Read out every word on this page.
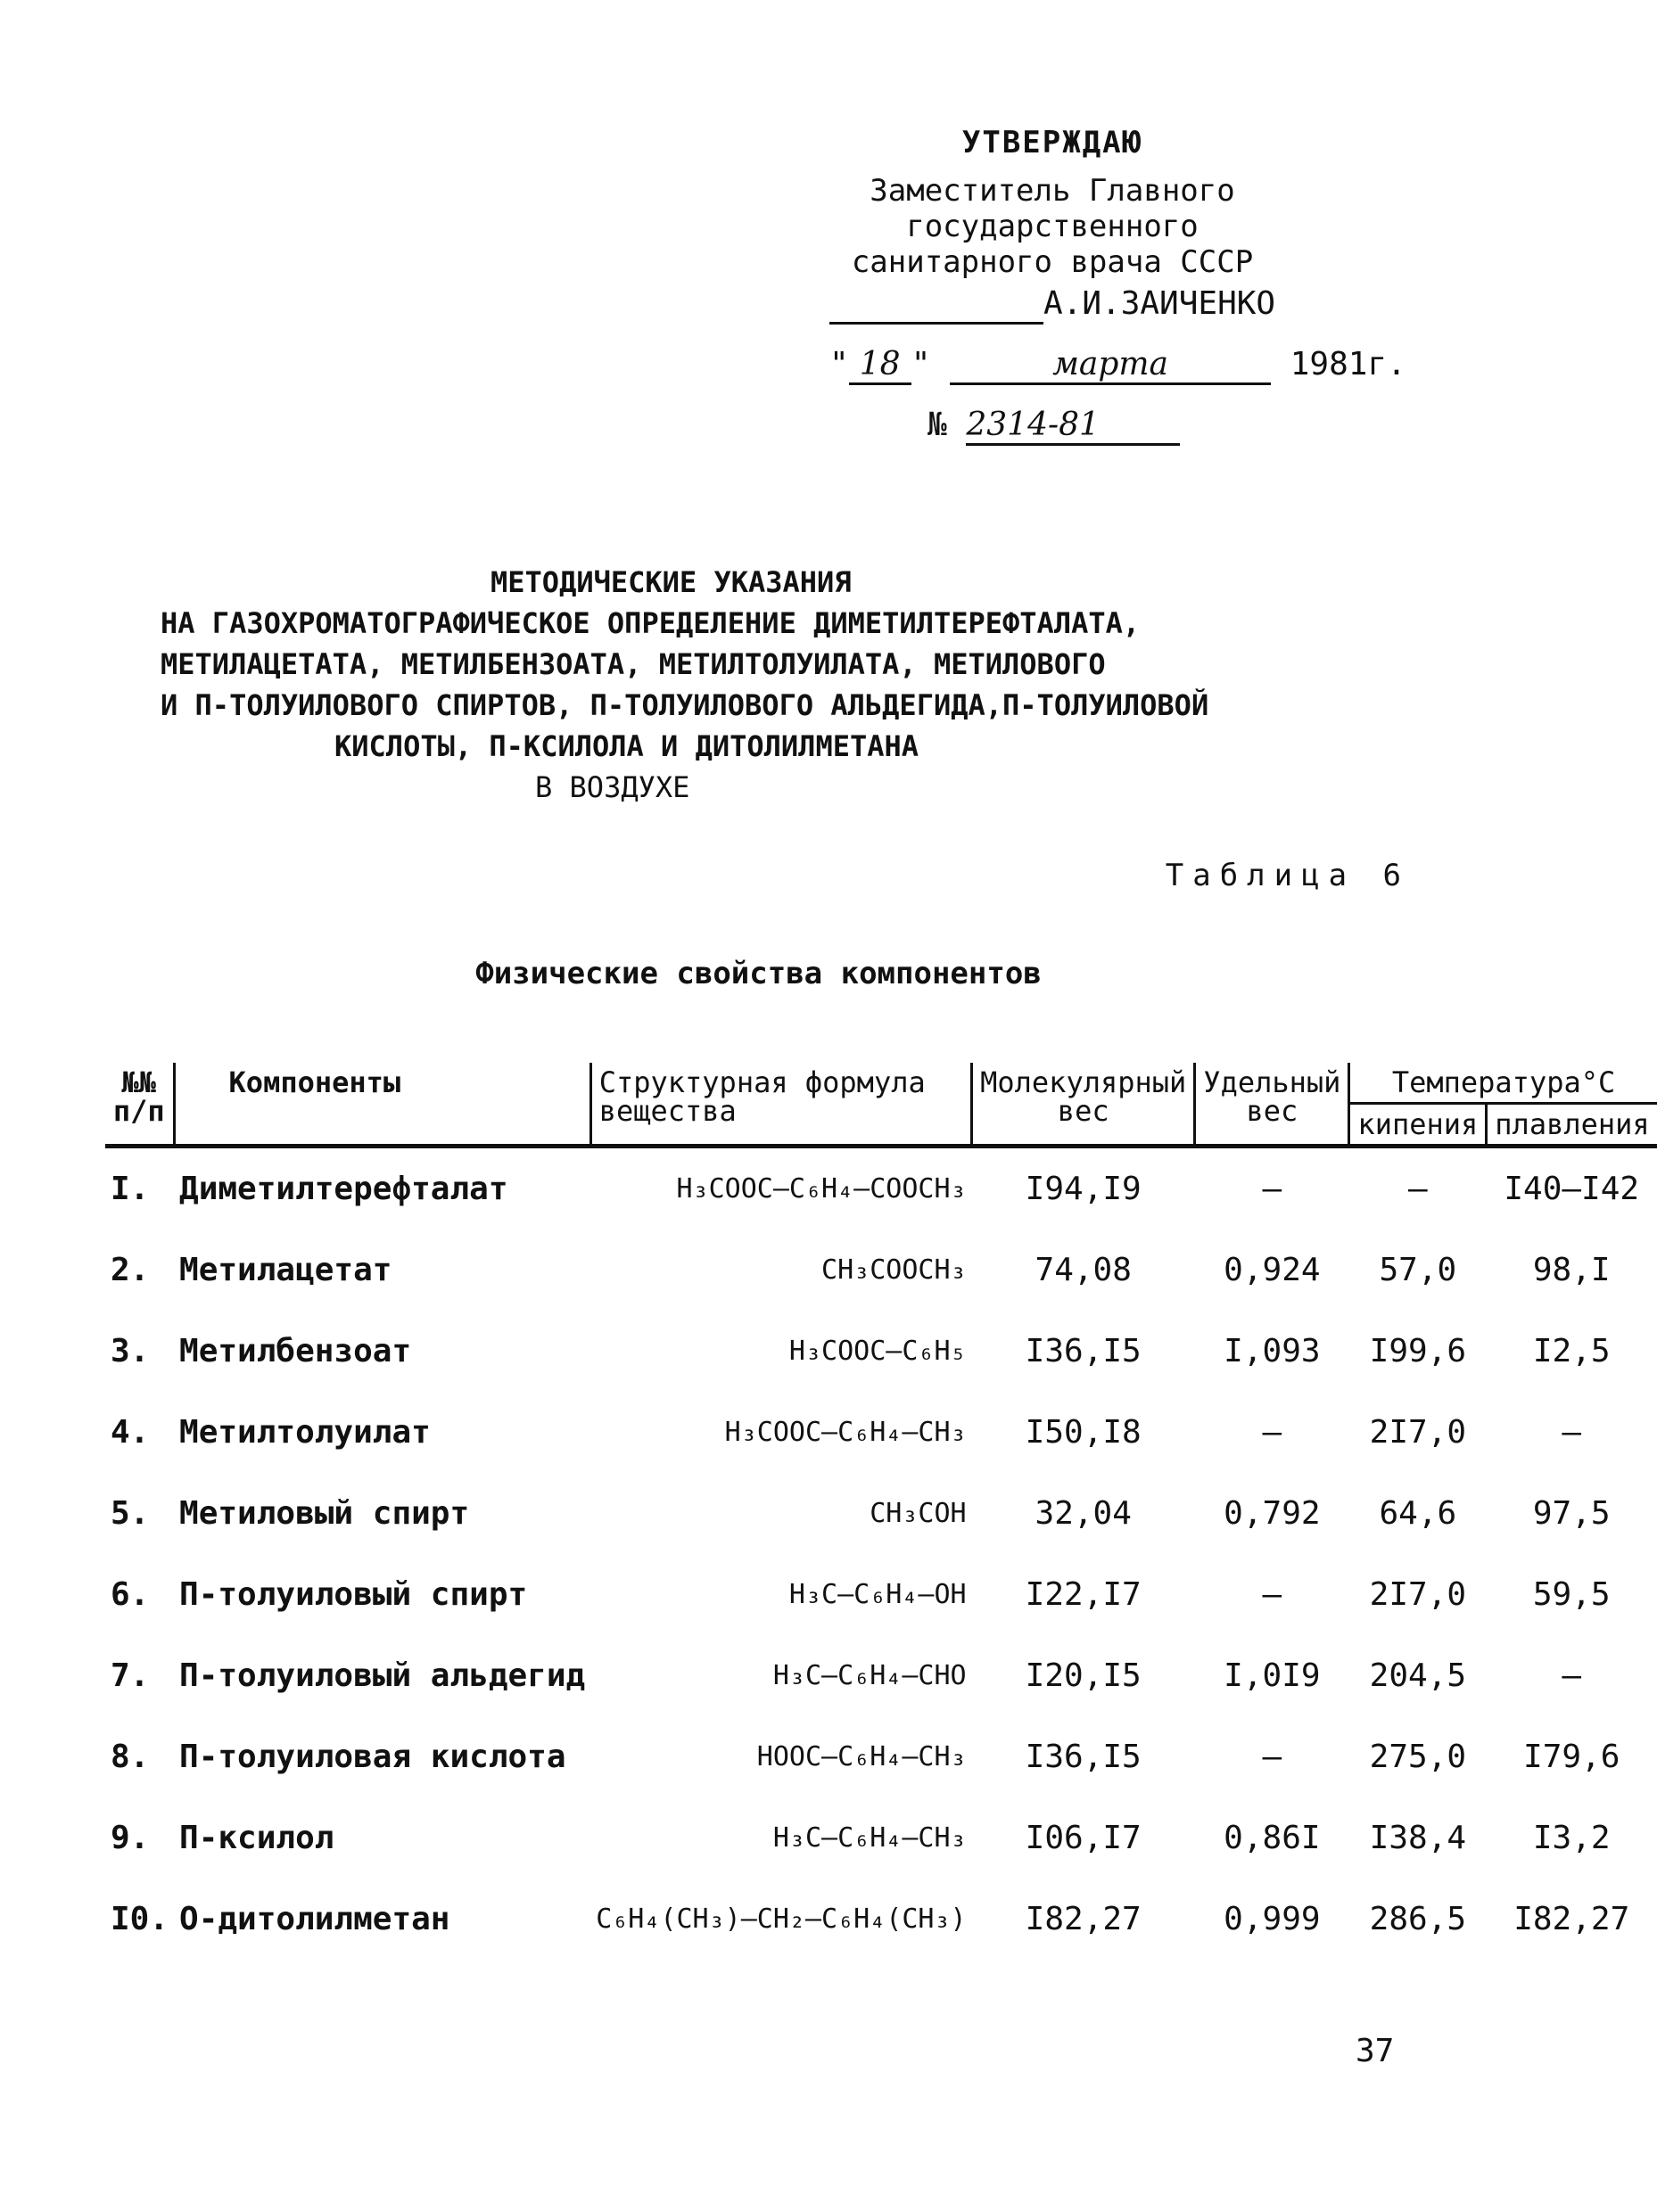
УТВЕРЖДАЮ
Заместитель Главного
государственного
санитарного врача СССР
А.И.ЗАИЧЕНКО
" 18 "	марта	1981г.
№ 2314-81
МЕТОДИЧЕСКИЕ УКАЗАНИЯ
НА ГАЗОХРОМАТОГРАФИЧЕСКОЕ ОПРЕДЕЛЕНИЕ ДИМЕТИЛТЕРЕФТАЛАТА,
МЕТИЛАЦЕТАТА, МЕТИЛБЕНЗОАТА, МЕТИЛТОЛУИЛАТА, МЕТИЛОВОГО
И П-ТОЛУИЛОВОГО СПИРТОВ, П-ТОЛУИЛОВОГО АЛЬДЕГИДА,П-ТОЛУИЛОВОЙ
КИСЛОТЫ, П-КСИЛОЛА И ДИТОЛИЛМЕТАНА
В ВОЗДУХЕ
Таблица 6
Физические свойства компонентов
№№ п/п	Компоненты	Структурная формула вещества	Молекулярный вес	Удельный вес	Температура°С	
					кипения	плавления
I.	Диметилтерефталат	H₃COOC–C₆H₄–COOCH₃	I94,I9	–	–	I40–I42
2.	Метилацетат	CH₃COOCH₃	74,08	0,924	57,0	98,I
3.	Метилбензоат	H₃COOC–C₆H₅	I36,I5	I,093	I99,6	I2,5
4.	Метилтолуилат	H₃COOC–C₆H₄–CH₃	I50,I8	–	2I7,0	–
5.	Метиловый спирт	CH₃COH	32,04	0,792	64,6	97,5
6.	П-толуиловый спирт	H₃C–C₆H₄–OH	I22,I7	–	2I7,0	59,5
7.	П-толуиловый альдегид	H₃C–C₆H₄–CHO	I20,I5	I,0I9	204,5	–
8.	П-толуиловая кислота	HOOC–C₆H₄–CH₃	I36,I5	–	275,0	I79,6
9.	П-ксилол	H₃C–C₆H₄–CH₃	I06,I7	0,86I	I38,4	I3,2
I0.	О-дитолилметан	C₆H₄(CH₃)–CH₂–C₆H₄(CH₃)	I82,27	0,999	286,5	I82,27
37
